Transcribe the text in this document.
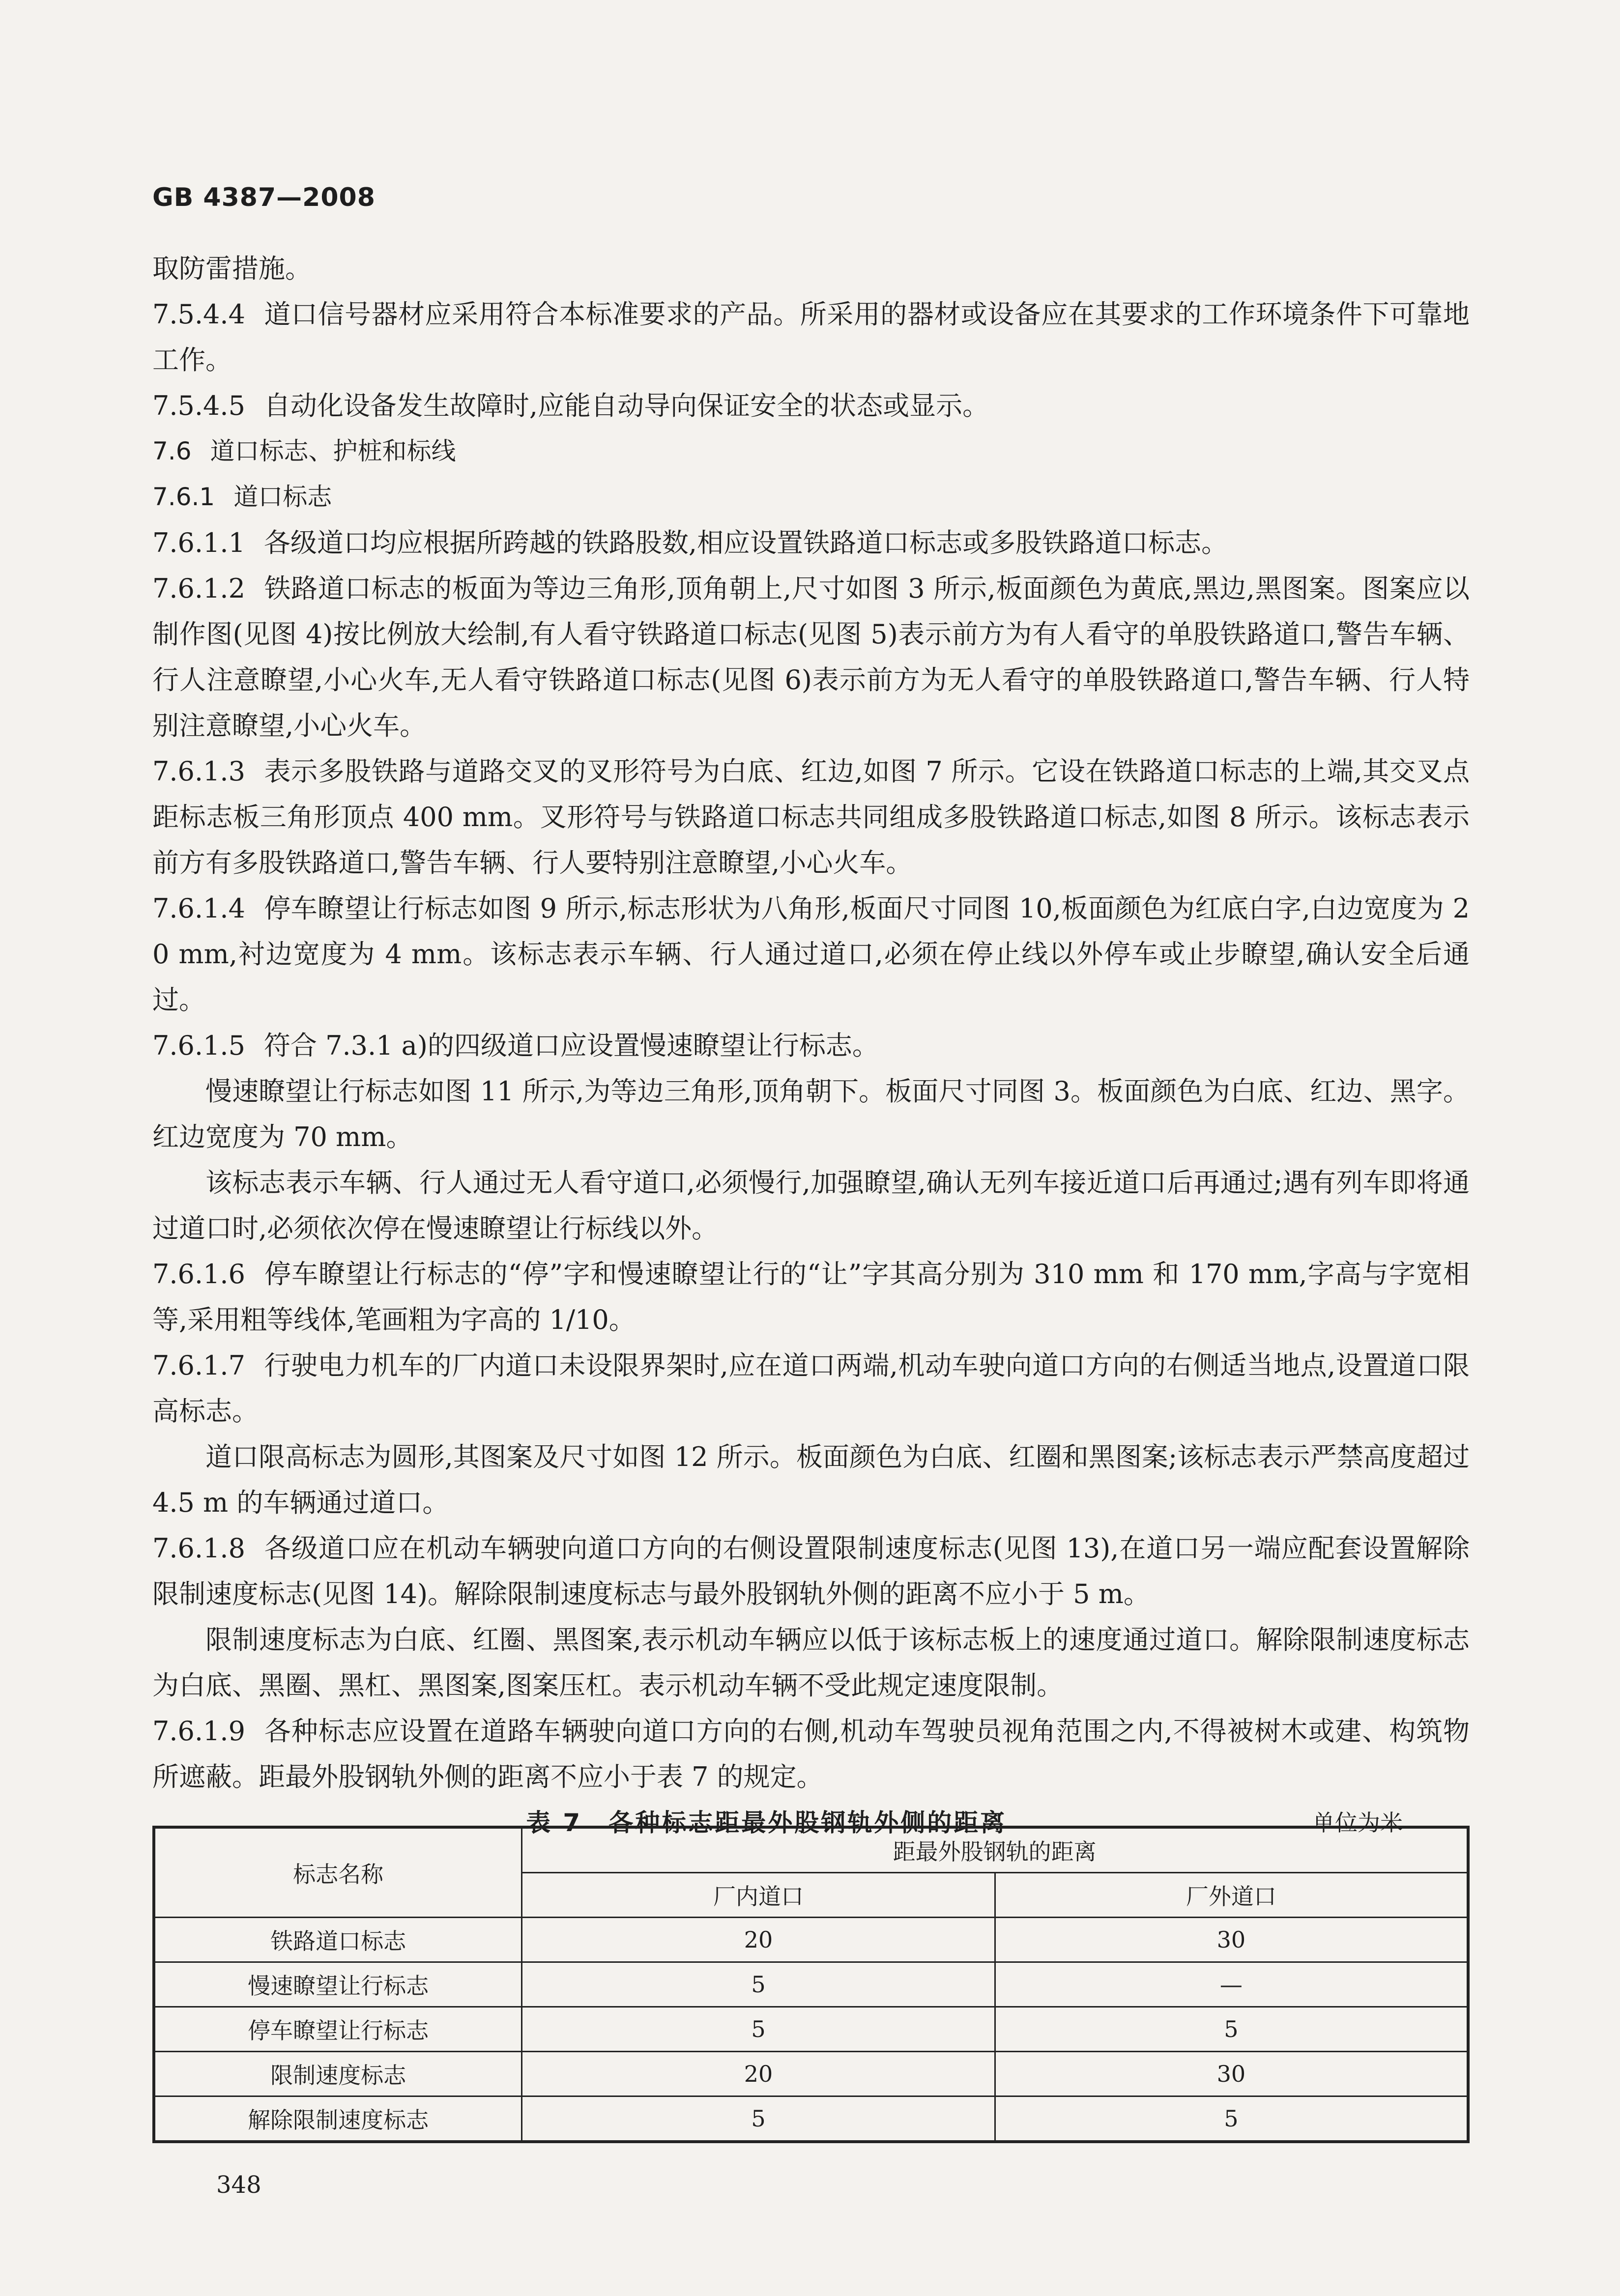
GB 4387—2008

取防雷措施。

7.5.4.4 道口信号器材应采用符合本标准要求的产品。所采用的器材或设备应在其要求的工作环境条件下可靠地工作。

7.5.4.5 自动化设备发生故障时,应能自动导向保证安全的状态或显示。

7.6 道口标志、护桩和标线

7.6.1 道口标志

7.6.1.1 各级道口均应根据所跨越的铁路股数,相应设置铁路道口标志或多股铁路道口标志。

7.6.1.2 铁路道口标志的板面为等边三角形,顶角朝上,尺寸如图 3 所示,板面颜色为黄底,黑边,黑图案。图案应以制作图(见图 4)按比例放大绘制,有人看守铁路道口标志(见图 5)表示前方为有人看守的单股铁路道口,警告车辆、行人注意瞭望,小心火车,无人看守铁路道口标志(见图 6)表示前方为无人看守的单股铁路道口,警告车辆、行人特别注意瞭望,小心火车。

7.6.1.3 表示多股铁路与道路交叉的叉形符号为白底、红边,如图 7 所示。它设在铁路道口标志的上端,其交叉点距标志板三角形顶点 400 mm。叉形符号与铁路道口标志共同组成多股铁路道口标志,如图 8 所示。该标志表示前方有多股铁路道口,警告车辆、行人要特别注意瞭望,小心火车。

7.6.1.4 停车瞭望让行标志如图 9 所示,标志形状为八角形,板面尺寸同图 10,板面颜色为红底白字,白边宽度为 20 mm,衬边宽度为 4 mm。该标志表示车辆、行人通过道口,必须在停止线以外停车或止步瞭望,确认安全后通过。

7.6.1.5 符合 7.3.1 a)的四级道口应设置慢速瞭望让行标志。

慢速瞭望让行标志如图 11 所示,为等边三角形,顶角朝下。板面尺寸同图 3。板面颜色为白底、红边、黑字。红边宽度为 70 mm。

该标志表示车辆、行人通过无人看守道口,必须慢行,加强瞭望,确认无列车接近道口后再通过;遇有列车即将通过道口时,必须依次停在慢速瞭望让行标线以外。

7.6.1.6 停车瞭望让行标志的“停”字和慢速瞭望让行的“让”字其高分别为 310 mm 和 170 mm,字高与字宽相等,采用粗等线体,笔画粗为字高的 1/10。

7.6.1.7 行驶电力机车的厂内道口未设限界架时,应在道口两端,机动车驶向道口方向的右侧适当地点,设置道口限高标志。

道口限高标志为圆形,其图案及尺寸如图 12 所示。板面颜色为白底、红圈和黑图案;该标志表示严禁高度超过 4.5 m 的车辆通过道口。

7.6.1.8 各级道口应在机动车辆驶向道口方向的右侧设置限制速度标志(见图 13),在道口另一端应配套设置解除限制速度标志(见图 14)。解除限制速度标志与最外股钢轨外侧的距离不应小于 5 m。

限制速度标志为白底、红圈、黑图案,表示机动车辆应以低于该标志板上的速度通过道口。解除限制速度标志为白底、黑圈、黑杠、黑图案,图案压杠。表示机动车辆不受此规定速度限制。

7.6.1.9 各种标志应设置在道路车辆驶向道口方向的右侧,机动车驾驶员视角范围之内,不得被树木或建、构筑物所遮蔽。距最外股钢轨外侧的距离不应小于表 7 的规定。

表 7　各种标志距最外股钢轨外侧的距离	单位为米
标志名称	距最外股钢轨的距离	
	厂内道口	厂外道口
铁路道口标志	20	30
慢速瞭望让行标志	5	—
停车瞭望让行标志	5	5
限制速度标志	20	30
解除限制速度标志	5	5
348
